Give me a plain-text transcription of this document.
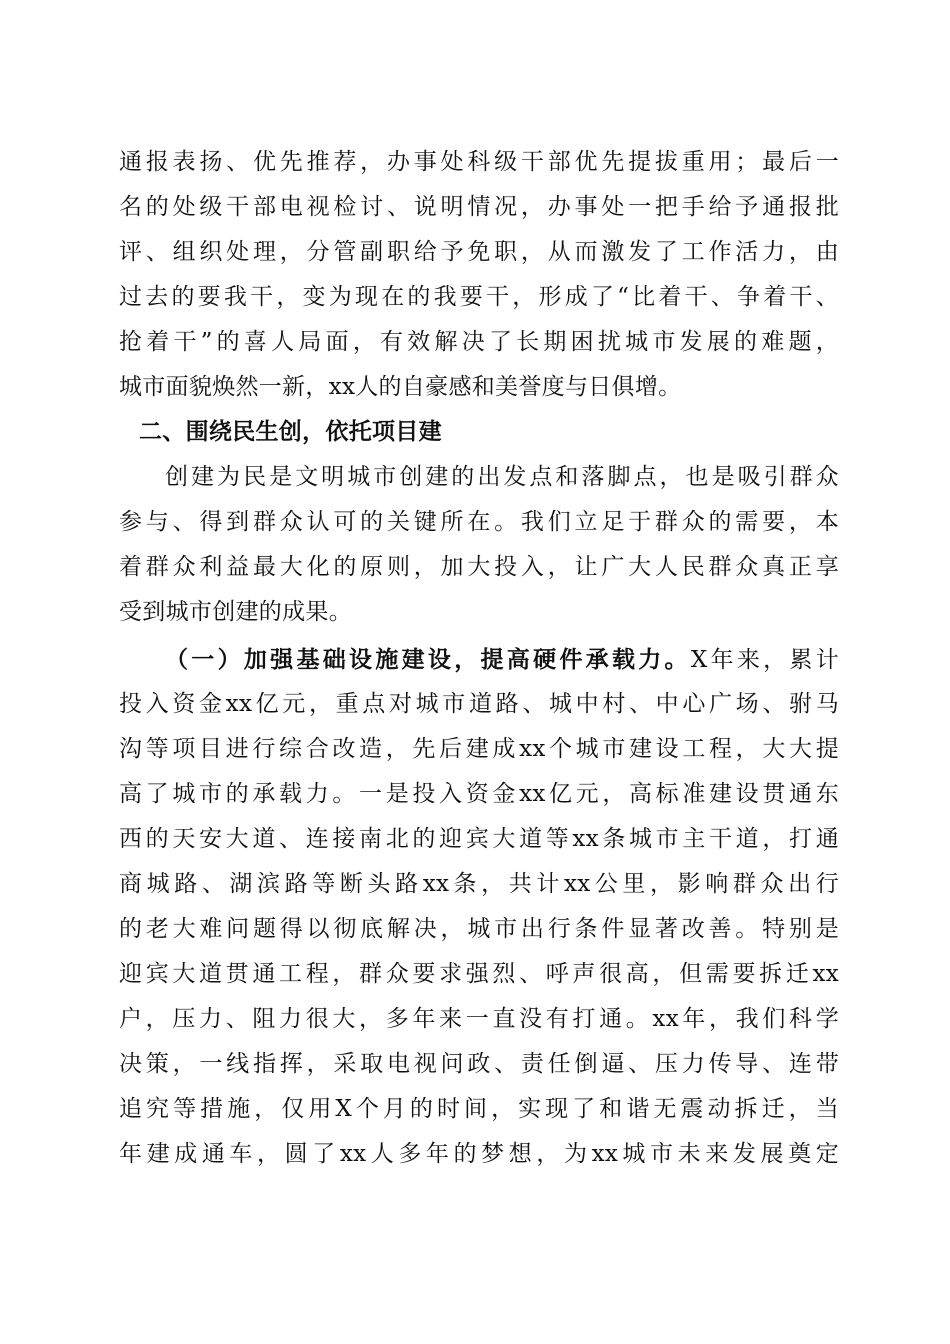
通报表扬、优先推荐，办事处科级干部优先提拔重用；最后一
名的处级干部电视检讨、说明情况，办事处一把手给予通报批
评、组织处理，分管副职给予免职，从而激发了工作活力，由
过去的要我干，变为现在的我要干，形成了“比着干、争着干、
抢着干”的喜人局面，有效解决了长期困扰城市发展的难题，
城市面貌焕然一新，xx人的自豪感和美誉度与日俱增。
二、围绕民生创，依托项目建
创建为民是文明城市创建的出发点和落脚点，也是吸引群众
参与、得到群众认可的关键所在。我们立足于群众的需要，本
着群众利益最大化的原则，加大投入，让广大人民群众真正享
受到城市创建的成果。
（一）加强基础设施建设，提高硬件承载力。X年来，累计
投入资金xx亿元，重点对城市道路、城中村、中心广场、驸马
沟等项目进行综合改造，先后建成xx个城市建设工程，大大提
高了城市的承载力。一是投入资金xx亿元，高标准建设贯通东
西的天安大道、连接南北的迎宾大道等xx条城市主干道，打通
商城路、湖滨路等断头路xx条，共计xx公里，影响群众出行
的老大难问题得以彻底解决，城市出行条件显著改善。特别是
迎宾大道贯通工程，群众要求强烈、呼声很高，但需要拆迁xx
户，压力、阻力很大，多年来一直没有打通。xx年，我们科学
决策，一线指挥，采取电视问政、责任倒逼、压力传导、连带
追究等措施，仅用X个月的时间，实现了和谐无震动拆迁，当
年建成通车，圆了xx人多年的梦想，为xx城市未来发展奠定
